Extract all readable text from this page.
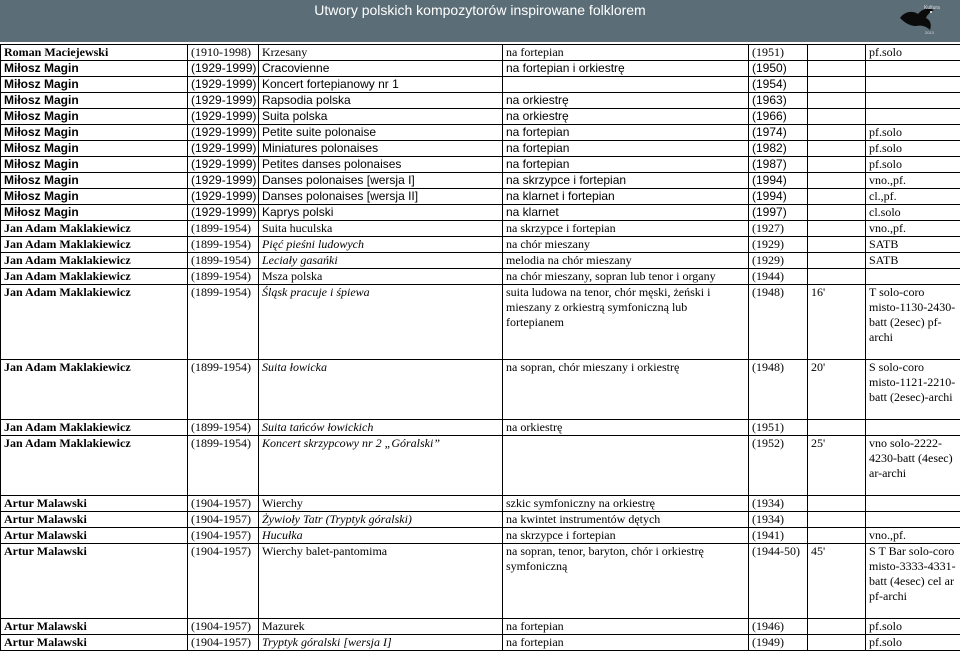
Utwory polskich kompozytorów inspirowane folklorem	Kultura
2013
Roman Maciejewski	(1910-1998)	Krzesany	na fortepian	(1951)		pf.solo
Miłosz Magin	(1929-1999)	Cracovienne	na fortepian i orkiestrę	(1950)		
Miłosz Magin	(1929-1999)	Koncert fortepianowy nr 1		(1954)		
Miłosz Magin	(1929-1999)	Rapsodia polska	na orkiestrę	(1963)		
Miłosz Magin	(1929-1999)	Suita polska	na orkiestrę	(1966)		
Miłosz Magin	(1929-1999)	Petite suite polonaise	na fortepian	(1974)		pf.solo
Miłosz Magin	(1929-1999)	Miniatures polonaises	na fortepian	(1982)		pf.solo
Miłosz Magin	(1929-1999)	Petites danses polonaises	na fortepian	(1987)		pf.solo
Miłosz Magin	(1929-1999)	Danses polonaises [wersja I]	na skrzypce i fortepian	(1994)		vno.,pf.
Miłosz Magin	(1929-1999)	Danses polonaises [wersja II]	na klarnet i fortepian	(1994)		cl.,pf.
Miłosz Magin	(1929-1999)	Kaprys polski	na klarnet	(1997)		cl.solo
Jan Adam Maklakiewicz	(1899-1954)	Suita huculska	na skrzypce i fortepian	(1927)		vno.,pf.
Jan Adam Maklakiewicz	(1899-1954)	Pięć pieśni ludowych	na chór mieszany	(1929)		SATB
Jan Adam Maklakiewicz	(1899-1954)	Leciały gasańki	melodia na chór mieszany	(1929)		SATB
Jan Adam Maklakiewicz	(1899-1954)	Msza polska	na chór mieszany, sopran lub tenor i organy	(1944)		
Jan Adam Maklakiewicz	(1899-1954)	Śląsk pracuje i śpiewa	suita ludowa na tenor, chór męski, żeński i mieszany z orkiestrą symfoniczną lub fortepianem	(1948)	16'	T solo-coro misto-1130-2430-batt (2esec) pf-archi
Jan Adam Maklakiewicz	(1899-1954)	Suita łowicka	na sopran, chór mieszany i orkiestrę	(1948)	20'	S solo-coro misto-1121-2210-batt (2esec)-archi
Jan Adam Maklakiewicz	(1899-1954)	Suita tańców łowickich	na orkiestrę	(1951)		
Jan Adam Maklakiewicz	(1899-1954)	Koncert skrzypcowy nr 2 „Góralski”		(1952)	25'	vno solo-2222-4230-batt (4esec) ar-archi
Artur Malawski	(1904-1957)	Wierchy	szkic symfoniczny na orkiestrę	(1934)		
Artur Malawski	(1904-1957)	Żywioły Tatr (Tryptyk góralski)	na kwintet instrumentów dętych	(1934)		
Artur Malawski	(1904-1957)	Hucułka	na skrzypce i fortepian	(1941)		vno.,pf.
Artur Malawski	(1904-1957)	Wierchy balet-pantomima	na sopran, tenor, baryton, chór i orkiestrę symfoniczną	(1944-50)	45'	S T Bar solo-coro misto-3333-4331-batt (4esec) cel ar pf-archi
Artur Malawski	(1904-1957)	Mazurek	na fortepian	(1946)		pf.solo
Artur Malawski	(1904-1957)	Tryptyk góralski [wersja I]	na fortepian	(1949)		pf.solo
